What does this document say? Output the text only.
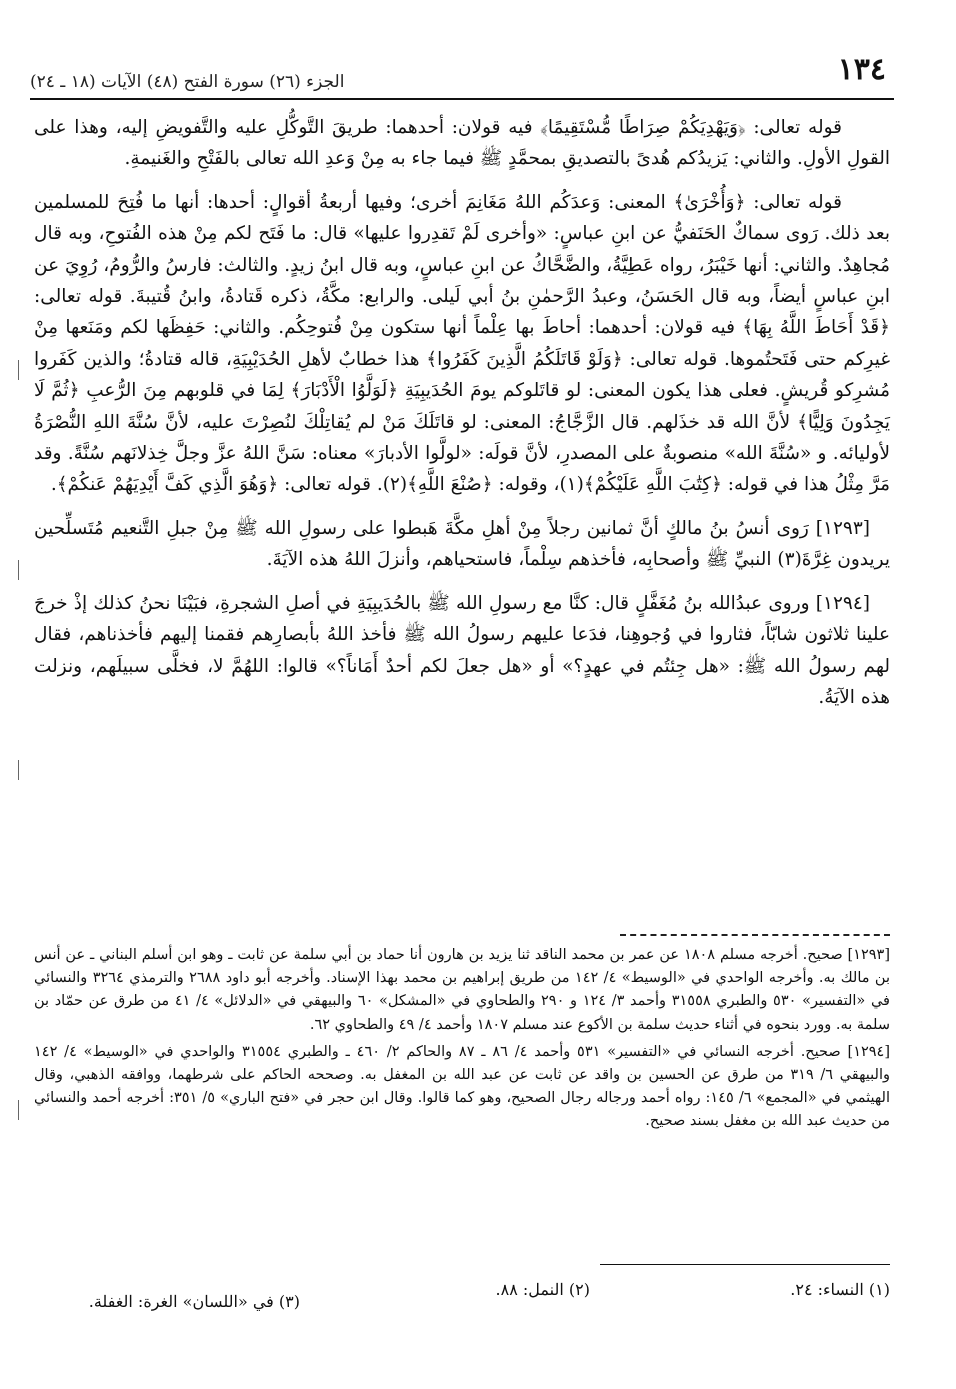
١٣٤
الجزء (٢٦) سورة الفتح (٤٨) الآيات (١٨ ـ ٢٤)

قوله تعالى: ﴿وَيَهْدِيَكُمْ صِرَاطًا مُّسْتَقِيمًا﴾ فيه قولان: أحدهما: طريقَ التَّوكُّلِ عليه والتَّفويضِ إليه، وهذا على القولِ الأولِ. والثاني: يَزيدُكم هُدىً بالتصديقِ بمحمَّدٍ ﷺ فيما جاء به مِنْ وَعدِ الله تعالى بالفَتْحِ والغَنيمةِ.

قوله تعالى: ﴿وَأُخْرَىٰ﴾ المعنى: وَعدَكُم اللهُ مَغَانِمَ أخرى؛ وفيها أربعةُ أقوالٍ: أحدها: أنها ما فُتِحَ للمسلمين بعد ذلك. رَوى سماكٌ الحَنَفيُّ عن ابنِ عباسٍ: «وأخرى لَمْ تَقدِروا عليها» قال: ما فَتَح لكم مِنْ هذه الفُتوحِ، وبه قال مُجاهِدٌ. والثاني: أنها خَيْبَرُ، رواه عَطِيَّةُ، والضَّحَّاكُ عن ابنِ عباسٍ، وبه قال ابنُ زيدٍ. والثالث: فارسُ والرُّومُ، رُوِيَ عن ابنِ عباسٍ أيضاً، وبه قال الحَسَنُ، وعبدُ الرَّحمٰنِ بنُ أبي لَيلى. والرابع: مكَّةُ، ذكره قَتادةُ، وابنُ قُتيبةَ. قوله تعالى: ﴿قَدْ أَحَاطَ اللَّهُ بِهَا﴾ فيه قولان: أحدهما: أحاطَ بها عِلْماً أنها ستكون مِنْ فُتوحِكُم. والثاني: حَفِظَها لكم ومَنَعها مِنْ غيرِكم حتى فَتَحتُموها. قوله تعالى: ﴿وَلَوْ قَاتَلَكُمُ الَّذِينَ كَفَرُوا﴾ هذا خطابٌ لأهلِ الحُدَيْبِيَةِ، قاله قتادةُ؛ والذين كَفَروا مُشرِكو قُريشٍ. فعلى هذا يكون المعنى: لو قاتَلوكم يومَ الحُدَيبِيَةِ ﴿لَوَلَّوُا الْأَدْبَارَ﴾ لِمَا في قلوبهم مِنَ الرُّعبِ ﴿ثُمَّ لَا يَجِدُونَ وَلِيًّا﴾ لأنَّ الله قد خذَلهم. قال الزَّجَّاجُ: المعنى: لو قاتَلَكَ مَنْ لم يُقاتِلْكَ لنُصِرْتَ عليه، لأنَّ سُنَّةَ اللهِ النُّصْرَةُ لأوليائه. و «سُنَّةَ الله» منصوبةٌ على المصدرِ، لأنَّ قولَه: «لولَّوا الأدبارَ» معناه: سَنَّ اللهُ عزَّ وجلَّ خِذلانَهم سُنَّةً. وقد مَرَّ مِثْلُ هذا في قوله: ﴿كِتَٰبَ اللَّهِ عَلَيْكُمْ﴾(١)، وقوله: ﴿صُنْعَ اللَّهِ﴾(٢). قوله تعالى: ﴿وَهُوَ الَّذِي كَفَّ أَيْدِيَهُمْ عَنكُمْ﴾.

[١٢٩٣] رَوى أنسُ بنُ مالكٍ أنَّ ثمانين رجلاً مِنْ أهلِ مكَّةَ هَبطوا على رسولِ الله ﷺ مِنْ جبلِ التَّنعيم مُتَسلِّحين يريدون غِرَّةَ(٣) النبيِّ ﷺ وأصحابِه، فأخذهم سِلْماً، فاستحياهم، وأنزلَ اللهُ هذه الآيَةَ.

[١٢٩٤] وروى عبدُالله بنُ مُغَفَّلٍ قال: كنَّا مع رسولِ الله ﷺ بالحُدَيبِيَةِ في أصلِ الشجرةِ، فبَيْنَا نحنُ كذلك إذْ خرجَ علينا ثلاثون شابّاً، فثاروا في وُجوهِنا، فدَعا عليهم رسولُ الله ﷺ فأخذ اللهُ بأبصارِهم فقمنا إليهم فأخذناهم، فقال لهم رسولُ الله ﷺ: «هل جِئتُم في عهدٍ؟» أو «هل جعلَ لكم أحدٌ أَمَاناً؟» قالوا: اللهُمَّ لا، فخلَّى سبيلَهم، ونزلت هذه الآيَةُ.

[١٢٩٣] صحيح. أخرجه مسلم ١٨٠٨ عن عمر بن محمد الناقد ثنا يزيد بن هارون أنا حماد بن أبي سلمة عن ثابت ـ وهو ابن أسلم البناني ـ عن أنس بن مالك به. وأخرجه الواحدي في «الوسيط» ٤/ ١٤٢ من طريق إبراهيم بن محمد بهذا الإسناد. وأخرجه أبو داود ٢٦٨٨ والترمذي ٣٢٦٤ والنسائي في «التفسير» ٥٣٠ والطبري ٣١٥٥٨ وأحمد ٣/ ١٢٤ و ٢٩٠ والطحاوي في «المشكل» ٦٠ والبيهقي في «الدلائل» ٤/ ٤١ من طرق عن حمّاد بن سلمة به. وورد بنحوه في أثناء حديث سلمة بن الأكوع عند مسلم ١٨٠٧ وأحمد ٤/ ٤٩ والطحاوي ٦٢.

[١٢٩٤] صحيح. أخرجه النسائي في «التفسير» ٥٣١ وأحمد ٤/ ٨٦ ـ ٨٧ والحاكم ٢/ ٤٦٠ ـ والطبري ٣١٥٥٤ والواحدي في «الوسيط» ٤/ ١٤٢ والبيهقي ٦/ ٣١٩ من طرق عن الحسين بن واقد عن ثابت عن عبد الله بن المغفل به. وصححه الحاكم على شرطهما، ووافقه الذهبي، وقال الهيثمي في «المجمع» ٦/ ١٤٥: رواه أحمد ورجاله رجال الصحيح، وهو كما قالوا. وقال ابن حجر في «فتح الباري» ٥/ ٣٥١: أخرجه أحمد والنسائي من حديث عبد الله بن مغفل بسند صحيح.

(١) النساء: ٢٤.
(٢) النمل: ٨٨.
(٣) في «اللسان» الغرة: الغفلة.
